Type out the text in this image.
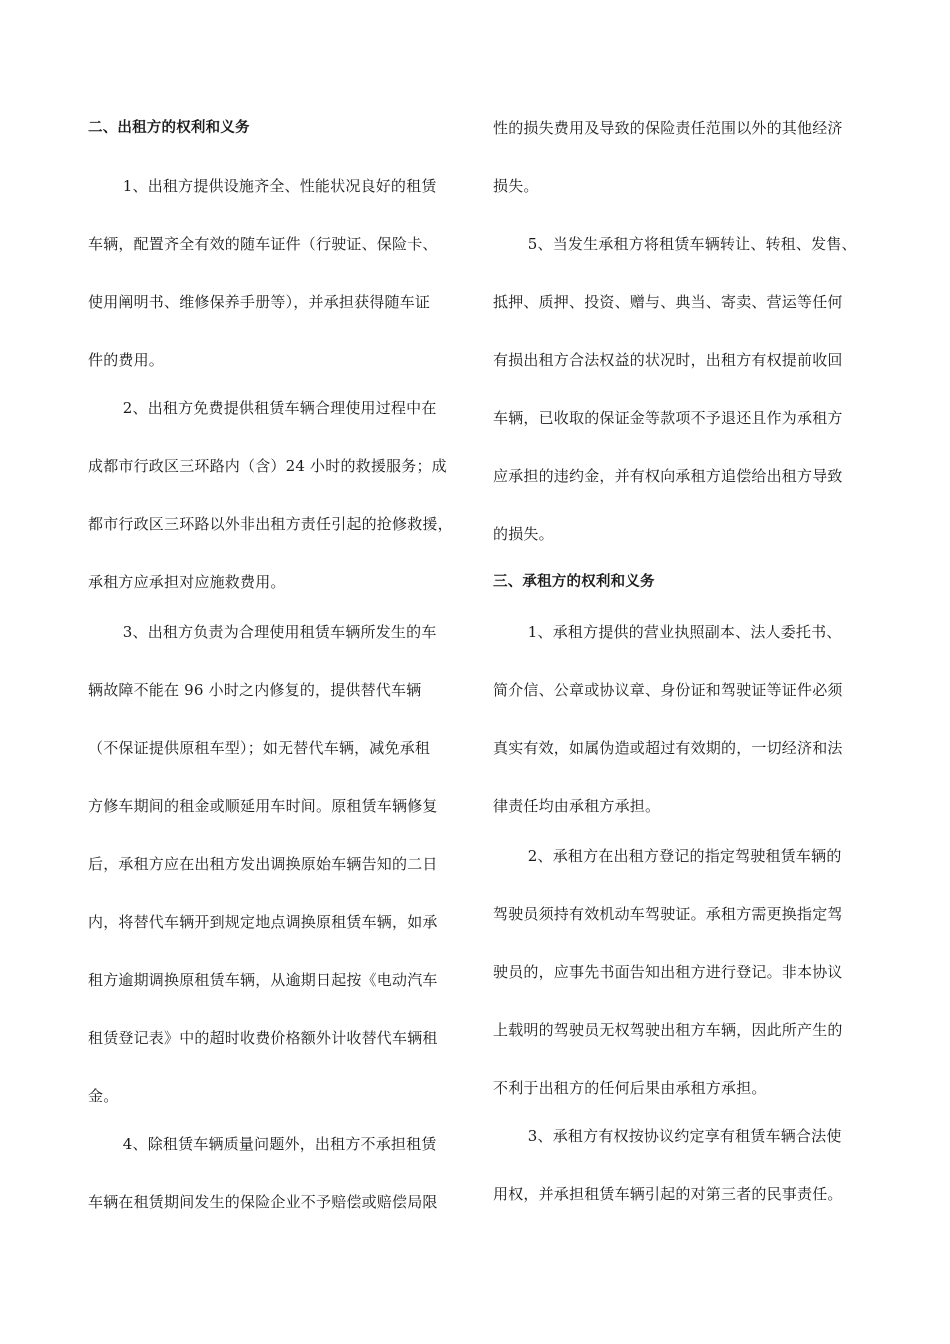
二、出租方的权利和义务
1、出租方提供设施齐全、性能状况良好的租赁
车辆，配置齐全有效的随车证件（行驶证、保险卡、
使用阐明书、维修保养手册等），并承担获得随车证
件的费用。
2、出租方免费提供租赁车辆合理使用过程中在
成都市行政区三环路内（含）24 小时的救援服务；成
都市行政区三环路以外非出租方责任引起的抢修救援，
承租方应承担对应施救费用。
3、出租方负责为合理使用租赁车辆所发生的车
辆故障不能在 96 小时之内修复的，提供替代车辆
（不保证提供原租车型）；如无替代车辆，减免承租
方修车期间的租金或顺延用车时间。原租赁车辆修复
后，承租方应在出租方发出调换原始车辆告知的二日
内，将替代车辆开到规定地点调换原租赁车辆，如承
租方逾期调换原租赁车辆，从逾期日起按《电动汽车
租赁登记表》中的超时收费价格额外计收替代车辆租
金。
4、除租赁车辆质量问题外，出租方不承担租赁
车辆在租赁期间发生的保险企业不予赔偿或赔偿局限
性的损失费用及导致的保险责任范围以外的其他经济
损失。
5、当发生承租方将租赁车辆转让、转租、发售、
抵押、质押、投资、赠与、典当、寄卖、营运等任何
有损出租方合法权益的状况时，出租方有权提前收回
车辆，已收取的保证金等款项不予退还且作为承租方
应承担的违约金，并有权向承租方追偿给出租方导致
的损失。
三、承租方的权利和义务
1、承租方提供的营业执照副本、法人委托书、
简介信、公章或协议章、身份证和驾驶证等证件必须
真实有效，如属伪造或超过有效期的，一切经济和法
律责任均由承租方承担。
2、承租方在出租方登记的指定驾驶租赁车辆的
驾驶员须持有效机动车驾驶证。承租方需更换指定驾
驶员的，应事先书面告知出租方进行登记。非本协议
上载明的驾驶员无权驾驶出租方车辆，因此所产生的
不利于出租方的任何后果由承租方承担。
3、承租方有权按协议约定享有租赁车辆合法使
用权，并承担租赁车辆引起的对第三者的民事责任。
